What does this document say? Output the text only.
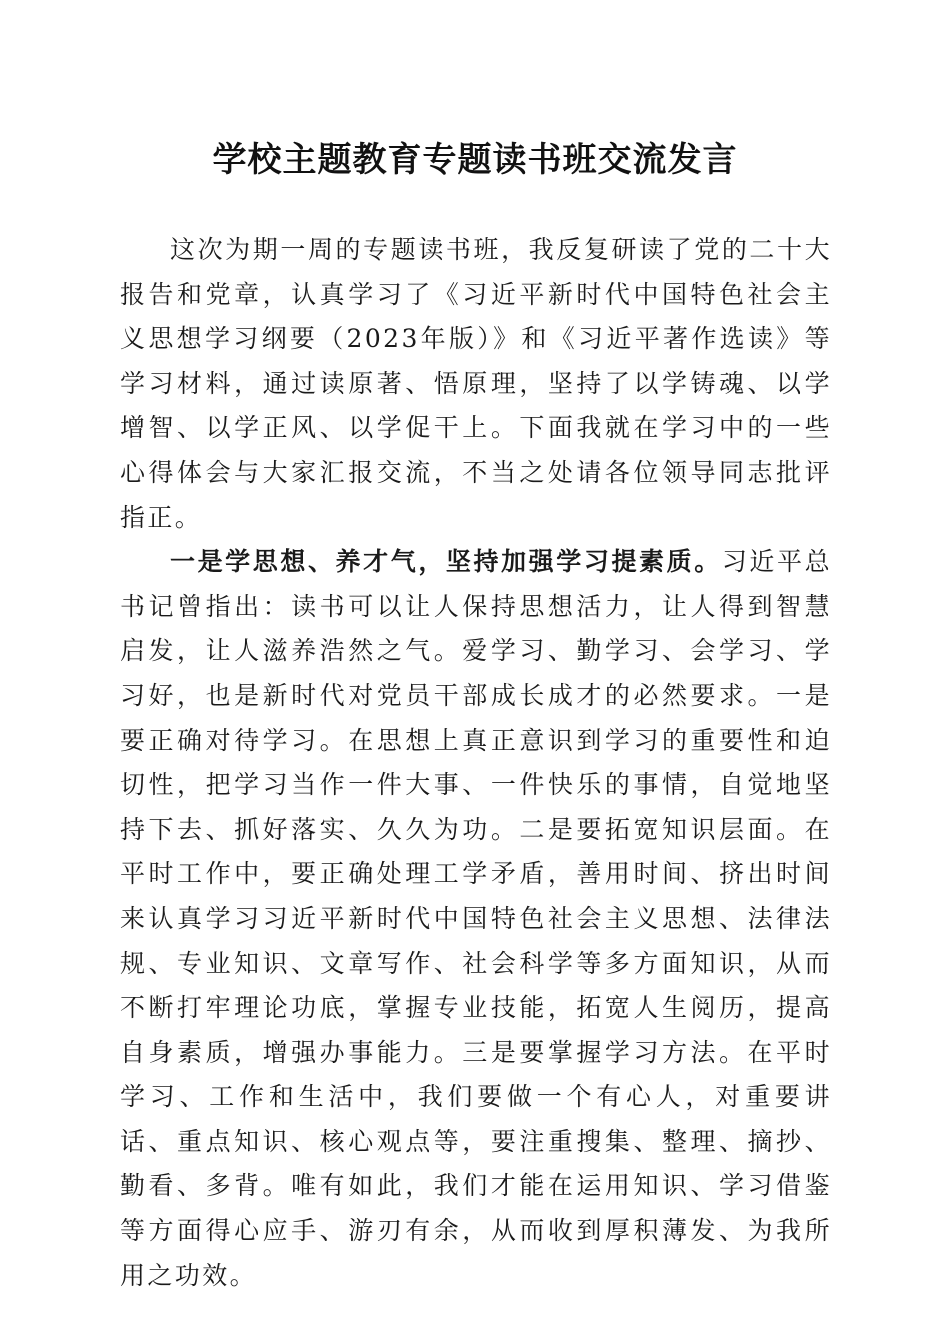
学校主题教育专题读书班交流发言

这次为期一周的专题读书班，我反复研读了党的二十大报告和党章，认真学习了《习近平新时代中国特色社会主义思想学习纲要（2023年版）》和《习近平著作选读》等学习材料，通过读原著、悟原理，坚持了以学铸魂、以学增智、以学正风、以学促干上。下面我就在学习中的一些心得体会与大家汇报交流，不当之处请各位领导同志批评指正。

一是学思想、养才气，坚持加强学习提素质。习近平总书记曾指出：读书可以让人保持思想活力，让人得到智慧启发，让人滋养浩然之气。爱学习、勤学习、会学习、学习好，也是新时代对党员干部成长成才的必然要求。一是要正确对待学习。在思想上真正意识到学习的重要性和迫切性，把学习当作一件大事、一件快乐的事情，自觉地坚持下去、抓好落实、久久为功。二是要拓宽知识层面。在平时工作中，要正确处理工学矛盾，善用时间、挤出时间来认真学习习近平新时代中国特色社会主义思想、法律法规、专业知识、文章写作、社会科学等多方面知识，从而不断打牢理论功底，掌握专业技能，拓宽人生阅历，提高自身素质，增强办事能力。三是要掌握学习方法。在平时学习、工作和生活中，我们要做一个有心人，对重要讲话、重点知识、核心观点等，要注重搜集、整理、摘抄、勤看、多背。唯有如此，我们才能在运用知识、学习借鉴等方面得心应手、游刃有余，从而收到厚积薄发、为我所用之功效。
